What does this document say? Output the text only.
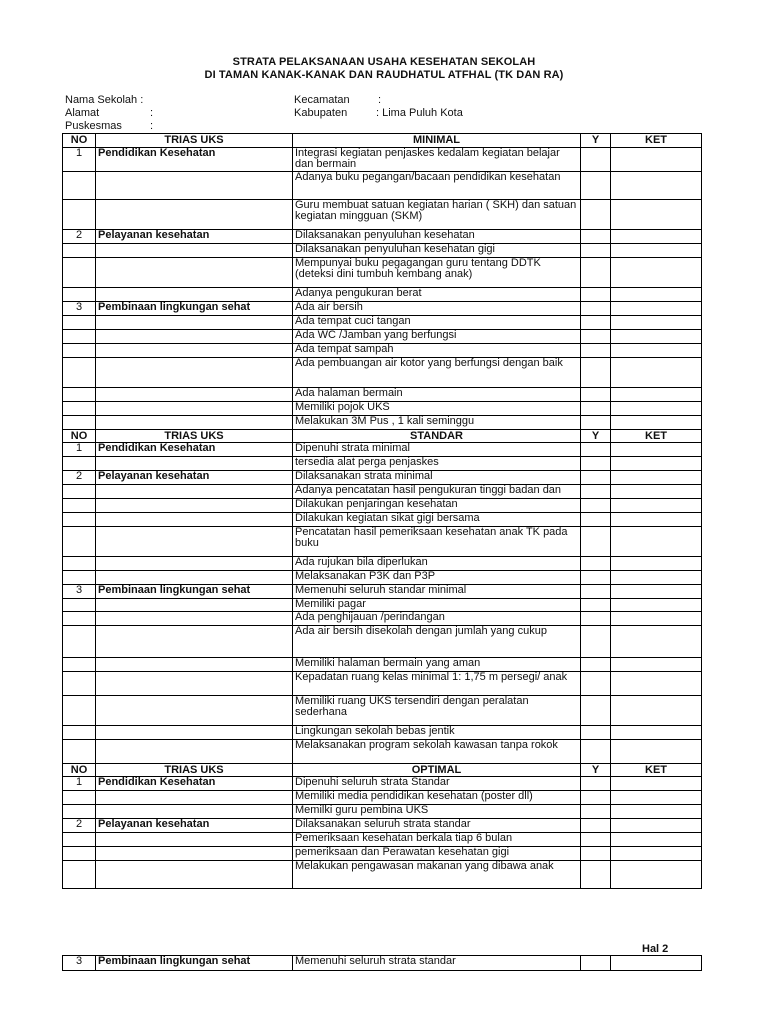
STRATA PELAKSANAAN USAHA KESEHATAN SEKOLAH
DI TAMAN KANAK-KANAK DAN RAUDHATUL ATFHAL (TK DAN RA)
Nama Sekolah :
Alamat	:
Puskesmas	:
Kecamatan	:
Kabupaten	: Lima Puluh Kota
NO	TRIAS UKS	MINIMAL	Y	KET
1	Pendidikan Kesehatan	Integrasi kegiatan penjaskes kedalam kegiatan belajar dan bermain		
		Adanya buku pegangan/bacaan pendidikan kesehatan		
		Guru membuat satuan kegiatan harian ( SKH) dan satuan kegiatan mingguan (SKM)		
2	Pelayanan kesehatan	Dilaksanakan penyuluhan kesehatan		
		Dilaksanakan penyuluhan kesehatan gigi		
		Mempunyai buku pegagangan guru tentang DDTK (deteksi dini tumbuh kembang anak)		
		Adanya pengukuran berat		
3	Pembinaan lingkungan sehat	Ada air bersih		
		Ada tempat cuci tangan		
		Ada WC /Jamban yang berfungsi		
		Ada tempat sampah		
		Ada pembuangan air kotor yang berfungsi dengan baik		
		Ada halaman bermain		
		Memiliki pojok UKS		
		Melakukan 3M Pus , 1 kali seminggu		
NO	TRIAS UKS	STANDAR	Y	KET
1	Pendidikan Kesehatan	Dipenuhi strata minimal		
		tersedia alat perga penjaskes		
2	Pelayanan kesehatan	Dilaksanakan strata minimal		
		Adanya pencatatan hasil pengukuran tinggi badan dan		
		Dilakukan penjaringan kesehatan		
		Dilakukan kegiatan sikat gigi bersama		
		Pencatatan hasil pemeriksaan kesehatan anak TK pada buku		
		Ada rujukan bila diperlukan		
		Melaksanakan P3K dan P3P		
3	Pembinaan lingkungan sehat	Memenuhi seluruh standar minimal		
		Memiliki pagar		
		Ada penghijauan /perindangan		
		Ada air bersih disekolah dengan jumlah yang cukup		
		Memiliki halaman bermain yang aman		
		Kepadatan ruang kelas minimal 1: 1,75 m persegi/ anak		
		Memiliki ruang UKS tersendiri dengan peralatan sederhana		
		Lingkungan sekolah bebas jentik		
		Melaksanakan program sekolah kawasan tanpa rokok		
NO	TRIAS UKS	OPTIMAL	Y	KET
1	Pendidikan Kesehatan	Dipenuhi seluruh strata Standar		
		Memiliki media pendidikan kesehatan (poster dll)		
		Memilki guru pembina UKS		
2	Pelayanan kesehatan	Dilaksanakan seluruh strata standar		
		Pemeriksaan kesehatan berkala tiap 6 bulan		
		pemeriksaan dan Perawatan kesehatan gigi		
		Melakukan pengawasan makanan yang dibawa anak		
Hal 2
3	Pembinaan lingkungan sehat	Memenuhi seluruh strata standar		
